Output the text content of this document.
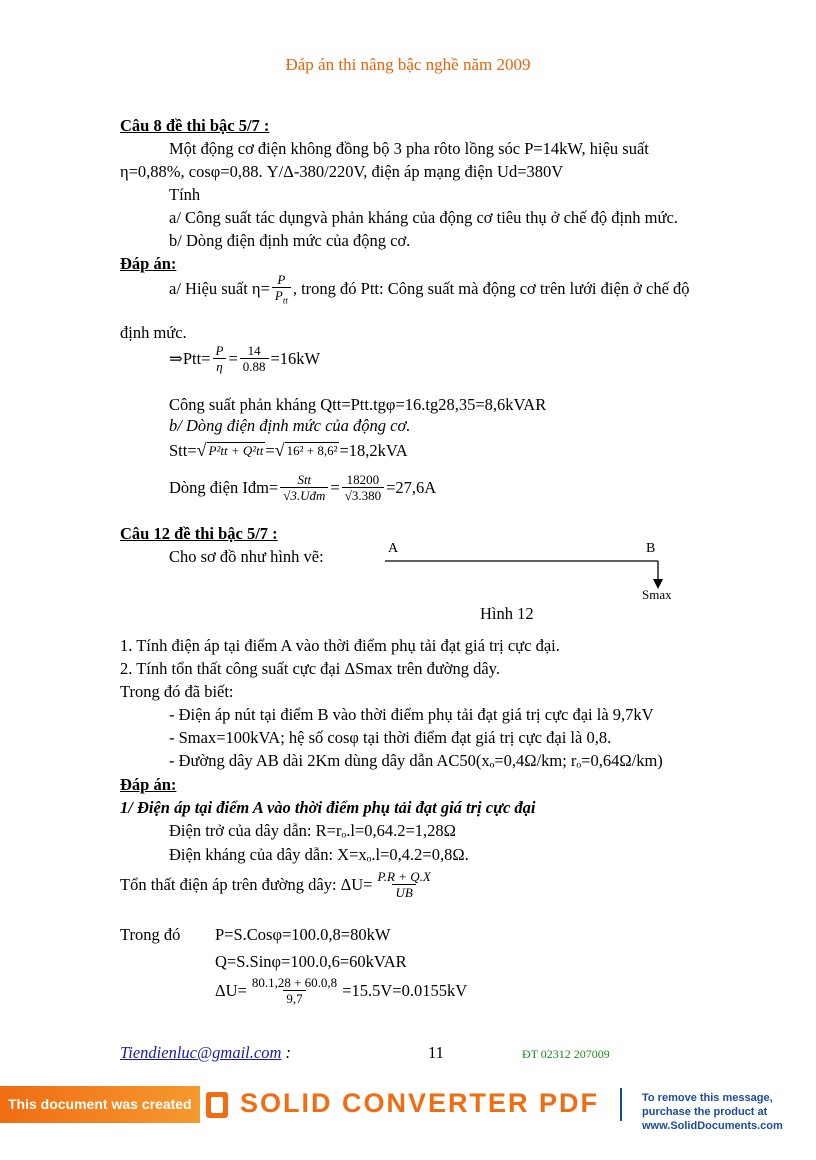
Đáp án thi nâng bậc nghề năm 2009
Câu 8 đề thi bậc 5/7 :
Một động cơ điện không đồng bộ 3 pha rôto lồng sóc P=14kW, hiệu suất
η=0,88%, cosφ=0,88. Y/Δ-380/220V, điện áp mạng điện Ud=380V
Tính
a/ Công suất tác dụngvà phản kháng của động cơ tiêu thụ ở chế độ định mức.
b/ Dòng điện định mức của động cơ.
Đáp án:
a/ Hiệu suất $\eta= \frac{P}{P_{tt}}$ , trong đó Ptt: Công suất mà động cơ trên lưới điện ở chế độ
định mức.
⇒Ptt= $\frac{P}{\eta} = \frac{14}{0.88} =16kW$
Công suất phản kháng Qtt=Ptt.tgφ=16.tg28,35=8,6kVAR
b/ Dòng điện định mức của động cơ.
Stt= √ P²tt + Q²tt = √ 16² + 8,6² =18,2kVA
Dòng điện Iđm= $\frac{\text{Stt}}{\text{√3.Uđm}} = \frac{18200}{√3.380} =27,6A$
Câu 12 đề thi bậc 5/7 :
Cho sơ đồ như hình vẽ:	A	B
Smax
Hình 12
1. Tính điện áp tại điểm A vào thời điểm phụ tải đạt giá trị cực đại.
2. Tính tổn thất công suất cực đại ΔSmax trên đường dây.
Trong đó đã biết:
- Điện áp nút tại điểm B vào thời điểm phụ tải đạt giá trị cực đại là 9,7kV
- Smax=100kVA; hệ số cosφ tại thời điểm đạt giá trị cực đại là 0,8.
- Đường dây AB dài 2Km dùng dây dẫn AC50(xₒ=0,4Ω/km; rₒ=0,64Ω/km)
Đáp án:
1/ Điện áp tại điểm A vào thời điểm phụ tải đạt giá trị cực đại
Điện trở của dây dẫn: R=rₒ.l=0,64.2=1,28Ω
Điện kháng của dây dẫn: X=xₒ.l=0,4.2=0,8Ω.
Tổn thất điện áp trên đường dây: $\Delta U= \frac{P.R + Q.X}{UB}$
Trong đó P=S.Cosφ=100.0,8=80kW
Q=S.Sinφ=100.0,6=60kVAR
$\Delta U= \frac{80.1,28 + 60.0,8}{9,7} =15.5V=0.0155kV$
Tiendienluc@gmail.com :	11	ĐT 02312 207009
This document was created using
SOLID CONVERTER PDF	To remove this message, purchase the product at www.SolidDocuments.com
